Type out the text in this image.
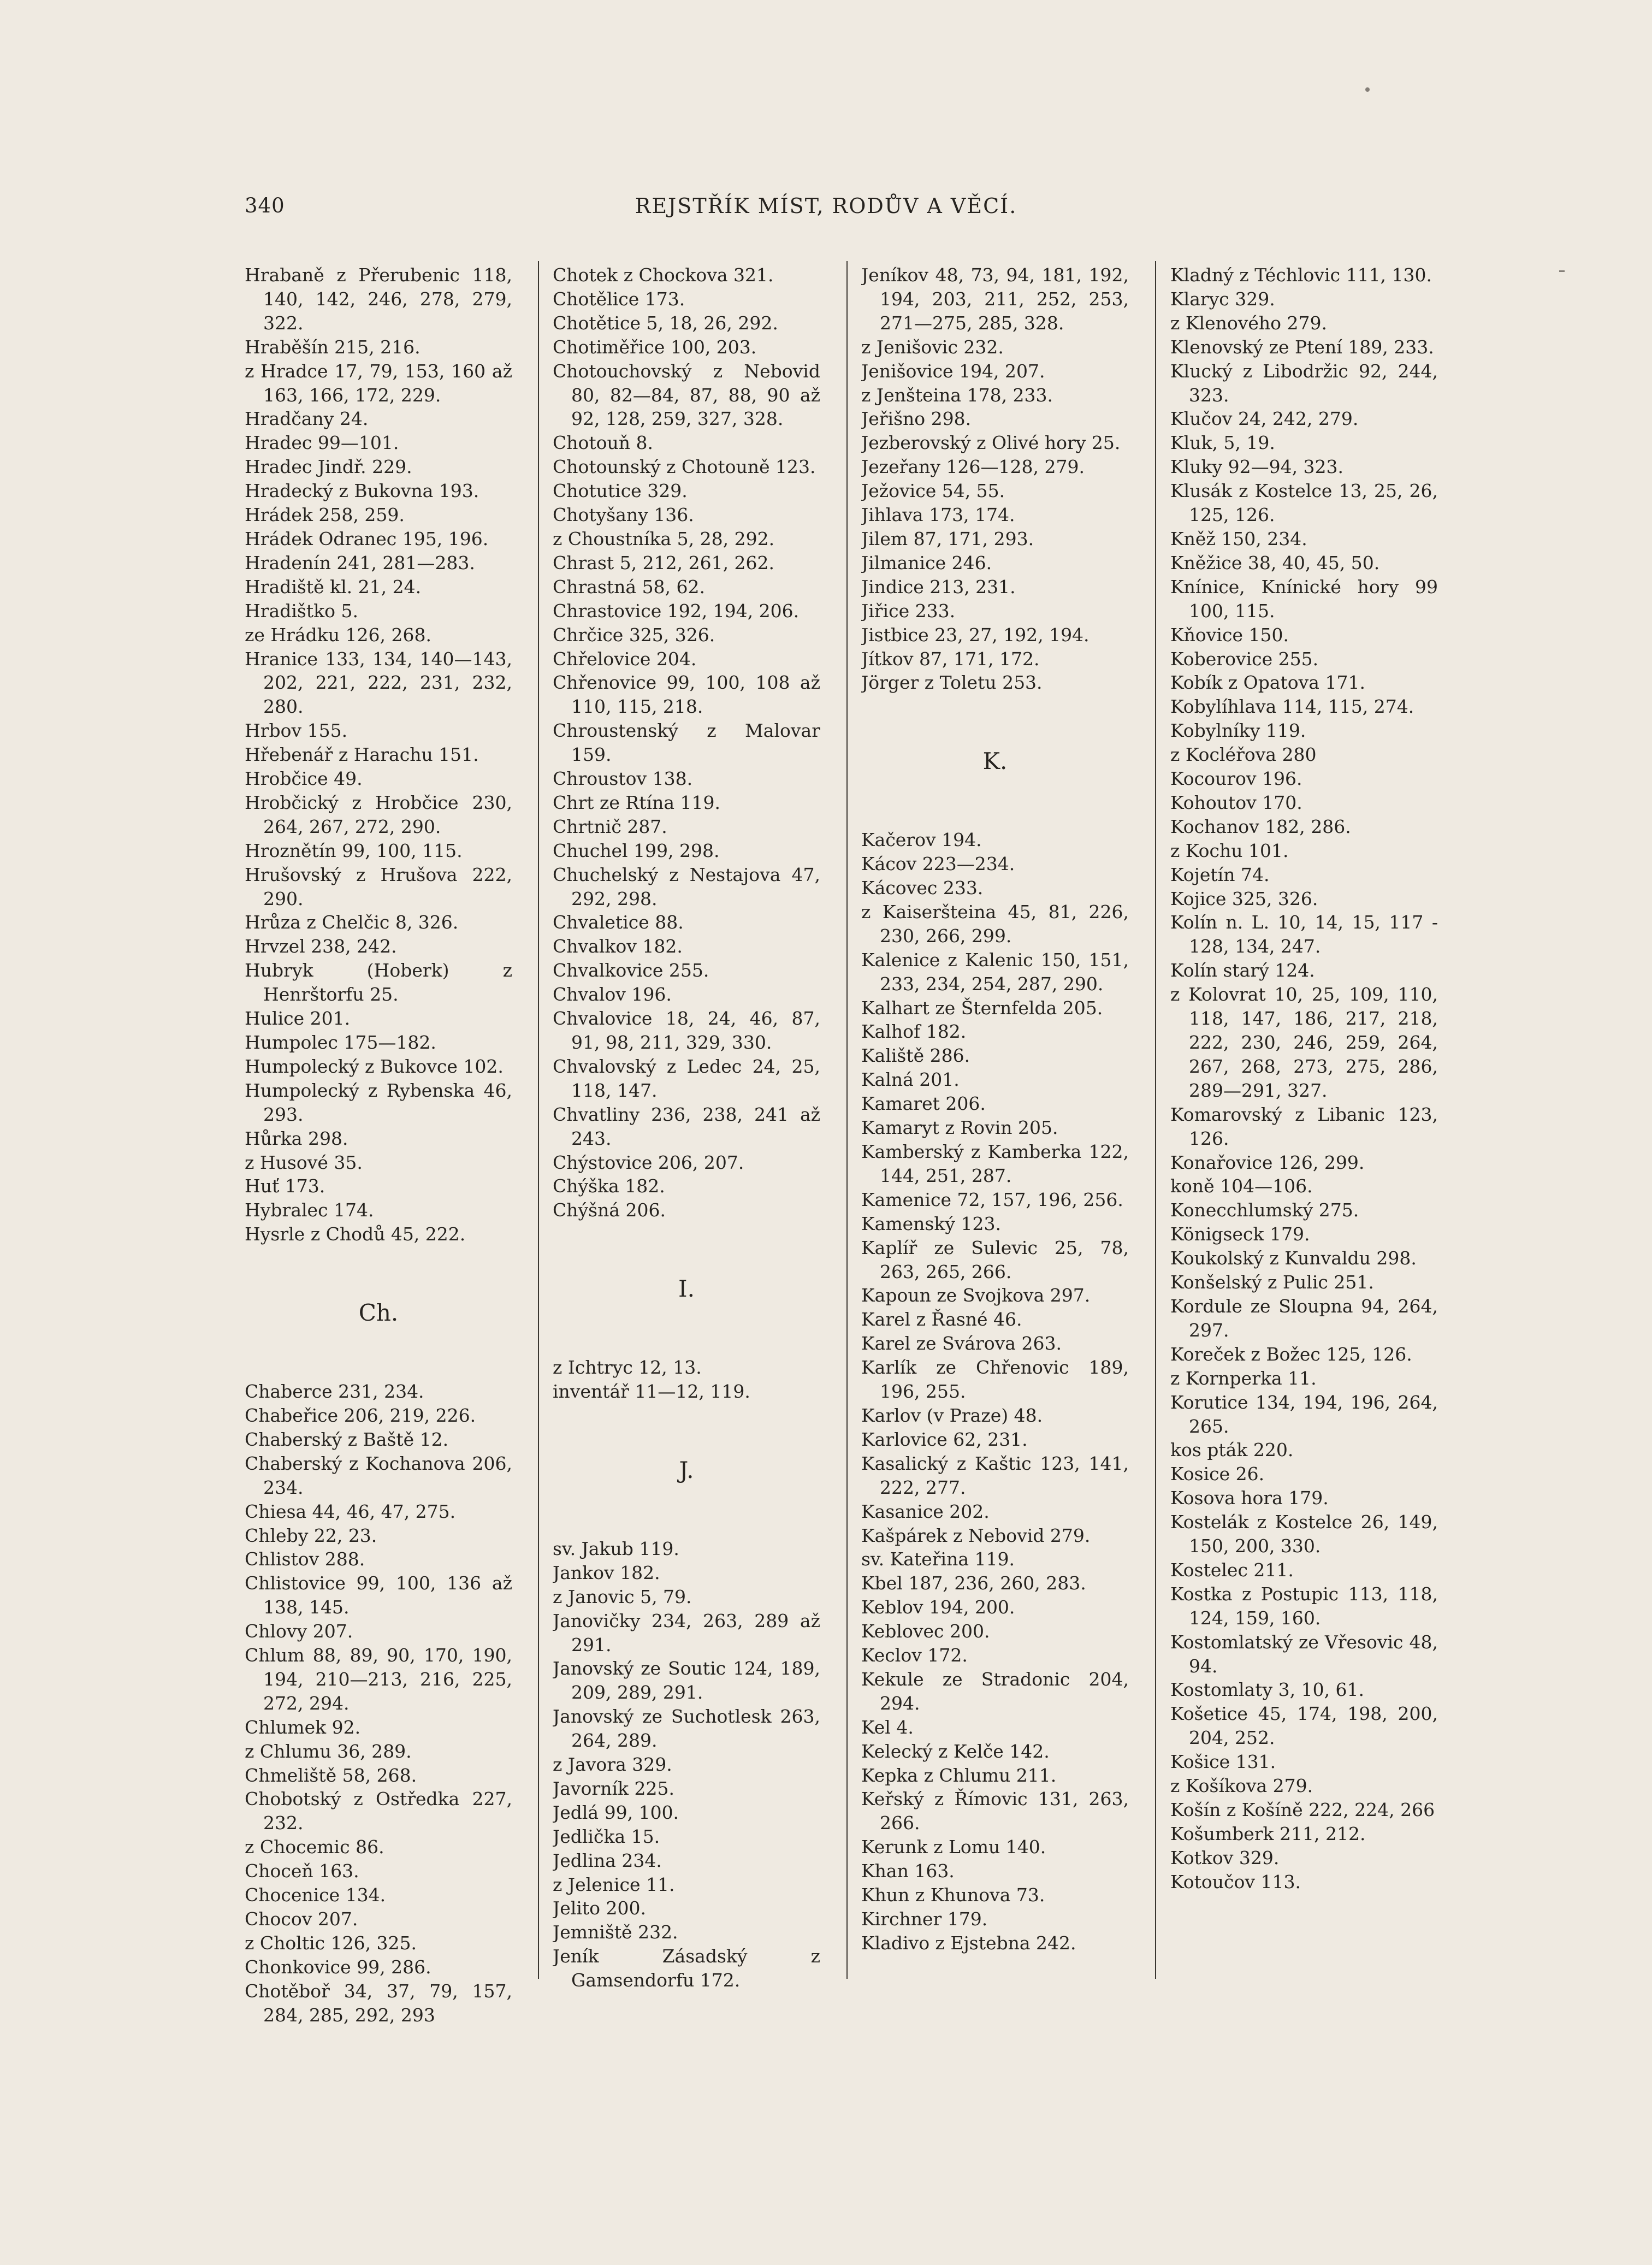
340	REJSTŘÍK MÍST, RODŮV A VĚCÍ.
Hrabaně z Přerubenic 118, 140, 142, 246, 278, 279, 322.
Hraběšín 215, 216.
z Hradce 17, 79, 153, 160 až 163, 166, 172, 229.
Hradčany 24.
Hradec 99—101.
Hradec Jindř. 229.
Hradecký z Bukovna 193.
Hrádek 258, 259.
Hrádek Odranec 195, 196.
Hradenín 241, 281—283.
Hradiště kl. 21, 24.
Hradištko 5.
ze Hrádku 126, 268.
Hranice 133, 134, 140—143, 202, 221, 222, 231, 232, 280.
Hrbov 155.
Hřebenář z Harachu 151.
Hrobčice 49.
Hrobčický z Hrobčice 230, 264, 267, 272, 290.
Hroznětín 99, 100, 115.
Hrušovský z Hrušova 222, 290.
Hrůza z Chelčic 8, 326.
Hrvzel 238, 242.
Hubryk (Hoberk) z Henrštorfu 25.
Hulice 201.
Humpolec 175—182.
Humpolecký z Bukovce 102.
Humpolecký z Rybenska 46, 293.
Hůrka 298.
z Husové 35.
Huť 173.
Hybralec 174.
Hysrle z Chodů 45, 222.
Ch.
Chaberce 231, 234.
Chabeřice 206, 219, 226.
Chaberský z Baště 12.
Chaberský z Kochanova 206, 234.
Chiesa 44, 46, 47, 275.
Chleby 22, 23.
Chlistov 288.
Chlistovice 99, 100, 136 až 138, 145.
Chlovy 207.
Chlum 88, 89, 90, 170, 190, 194, 210—213, 216, 225, 272, 294.
Chlumek 92.
z Chlumu 36, 289.
Chmeliště 58, 268.
Chobotský z Ostředka 227, 232.
z Chocemic 86.
Choceň 163.
Chocenice 134.
Chocov 207.
z Choltic 126, 325.
Chonkovice 99, 286.
Chotěboř 34, 37, 79, 157, 284, 285, 292, 293
Chotek z Chockova 321.
Chotělice 173.
Chotětice 5, 18, 26, 292.
Chotiměřice 100, 203.
Chotouchovský z Nebovid 80, 82—84, 87, 88, 90 až 92, 128, 259, 327, 328.
Chotouň 8.
Chotounský z Chotouně 123.
Chotutice 329.
Chotyšany 136.
z Choustníka 5, 28, 292.
Chrast 5, 212, 261, 262.
Chrastná 58, 62.
Chrastovice 192, 194, 206.
Chrčice 325, 326.
Chřelovice 204.
Chřenovice 99, 100, 108 až 110, 115, 218.
Chroustenský z Malovar 159.
Chroustov 138.
Chrt ze Rtína 119.
Chrtnič 287.
Chuchel 199, 298.
Chuchelský z Nestajova 47, 292, 298.
Chvaletice 88.
Chvalkov 182.
Chvalkovice 255.
Chvalov 196.
Chvalovice 18, 24, 46, 87, 91, 98, 211, 329, 330.
Chvalovský z Ledec 24, 25, 118, 147.
Chvatliny 236, 238, 241 až 243.
Chýstovice 206, 207.
Chýška 182.
Chýšná 206.
I.
z Ichtryc 12, 13.
inventář 11—12, 119.
J.
sv. Jakub 119.
Jankov 182.
z Janovic 5, 79.
Janovičky 234, 263, 289 až 291.
Janovský ze Soutic 124, 189, 209, 289, 291.
Janovský ze Suchotlesk 263, 264, 289.
z Javora 329.
Javorník 225.
Jedlá 99, 100.
Jedlička 15.
Jedlina 234.
z Jelenice 11.
Jelito 200.
Jemniště 232.
Jeník Zásadský z Gamsendorfu 172.
Jeníkov 48, 73, 94, 181, 192, 194, 203, 211, 252, 253, 271—275, 285, 328.
z Jenišovic 232.
Jenišovice 194, 207.
z Jenšteina 178, 233.
Jeřišno 298.
Jezberovský z Olivé hory 25.
Jezeřany 126—128, 279.
Ježovice 54, 55.
Jihlava 173, 174.
Jilem 87, 171, 293.
Jilmanice 246.
Jindice 213, 231.
Jiřice 233.
Jistbice 23, 27, 192, 194.
Jítkov 87, 171, 172.
Jörger z Toletu 253.
K.
Kačerov 194.
Kácov 223—234.
Kácovec 233.
z Kaiseršteina 45, 81, 226, 230, 266, 299.
Kalenice z Kalenic 150, 151, 233, 234, 254, 287, 290.
Kalhart ze Šternfelda 205.
Kalhof 182.
Kaliště 286.
Kalná 201.
Kamaret 206.
Kamaryt z Rovin 205.
Kamberský z Kamberka 122, 144, 251, 287.
Kamenice 72, 157, 196, 256.
Kamenský 123.
Kaplíř ze Sulevic 25, 78, 263, 265, 266.
Kapoun ze Svojkova 297.
Karel z Řasné 46.
Karel ze Svárova 263.
Karlík ze Chřenovic 189, 196, 255.
Karlov (v Praze) 48.
Karlovice 62, 231.
Kasalický z Kaštic 123, 141, 222, 277.
Kasanice 202.
Kašpárek z Nebovid 279.
sv. Kateřina 119.
Kbel 187, 236, 260, 283.
Keblov 194, 200.
Keblovec 200.
Keclov 172.
Kekule ze Stradonic 204, 294.
Kel 4.
Kelecký z Kelče 142.
Kepka z Chlumu 211.
Keřský z Římovic 131, 263, 266.
Kerunk z Lomu 140.
Khan 163.
Khun z Khunova 73.
Kirchner 179.
Kladivo z Ejstebna 242.
Kladný z Téchlovic 111, 130.
Klaryc 329.
z Klenového 279.
Klenovský ze Ptení 189, 233.
Klucký z Libodržic 92, 244, 323.
Klučov 24, 242, 279.
Kluk, 5, 19.
Kluky 92—94, 323.
Klusák z Kostelce 13, 25, 26, 125, 126.
Kněž 150, 234.
Kněžice 38, 40, 45, 50.
Knínice, Knínické hory 99 100, 115.
Kňovice 150.
Koberovice 255.
Kobík z Opatova 171.
Kobylíhlava 114, 115, 274.
Kobylníky 119.
z Kocléřova 280
Kocourov 196.
Kohoutov 170.
Kochanov 182, 286.
z Kochu 101.
Kojetín 74.
Kojice 325, 326.
Kolín n. L. 10, 14, 15, 117 - 128, 134, 247.
Kolín starý 124.
z Kolovrat 10, 25, 109, 110, 118, 147, 186, 217, 218, 222, 230, 246, 259, 264, 267, 268, 273, 275, 286, 289—291, 327.
Komarovský z Libanic 123, 126.
Konařovice 126, 299.
koně 104—106.
Konecchlumský 275.
Königseck 179.
Koukolský z Kunvaldu 298.
Konšelský z Pulic 251.
Kordule ze Sloupna 94, 264, 297.
Koreček z Božec 125, 126.
z Kornperka 11.
Korutice 134, 194, 196, 264, 265.
kos pták 220.
Kosice 26.
Kosova hora 179.
Kostelák z Kostelce 26, 149, 150, 200, 330.
Kostelec 211.
Kostka z Postupic 113, 118, 124, 159, 160.
Kostomlatský ze Vřesovic 48, 94.
Kostomlaty 3, 10, 61.
Košetice 45, 174, 198, 200, 204, 252.
Košice 131.
z Košíkova 279.
Košín z Košíně 222, 224, 266
Košumberk 211, 212.
Kotkov 329.
Kotoučov 113.
